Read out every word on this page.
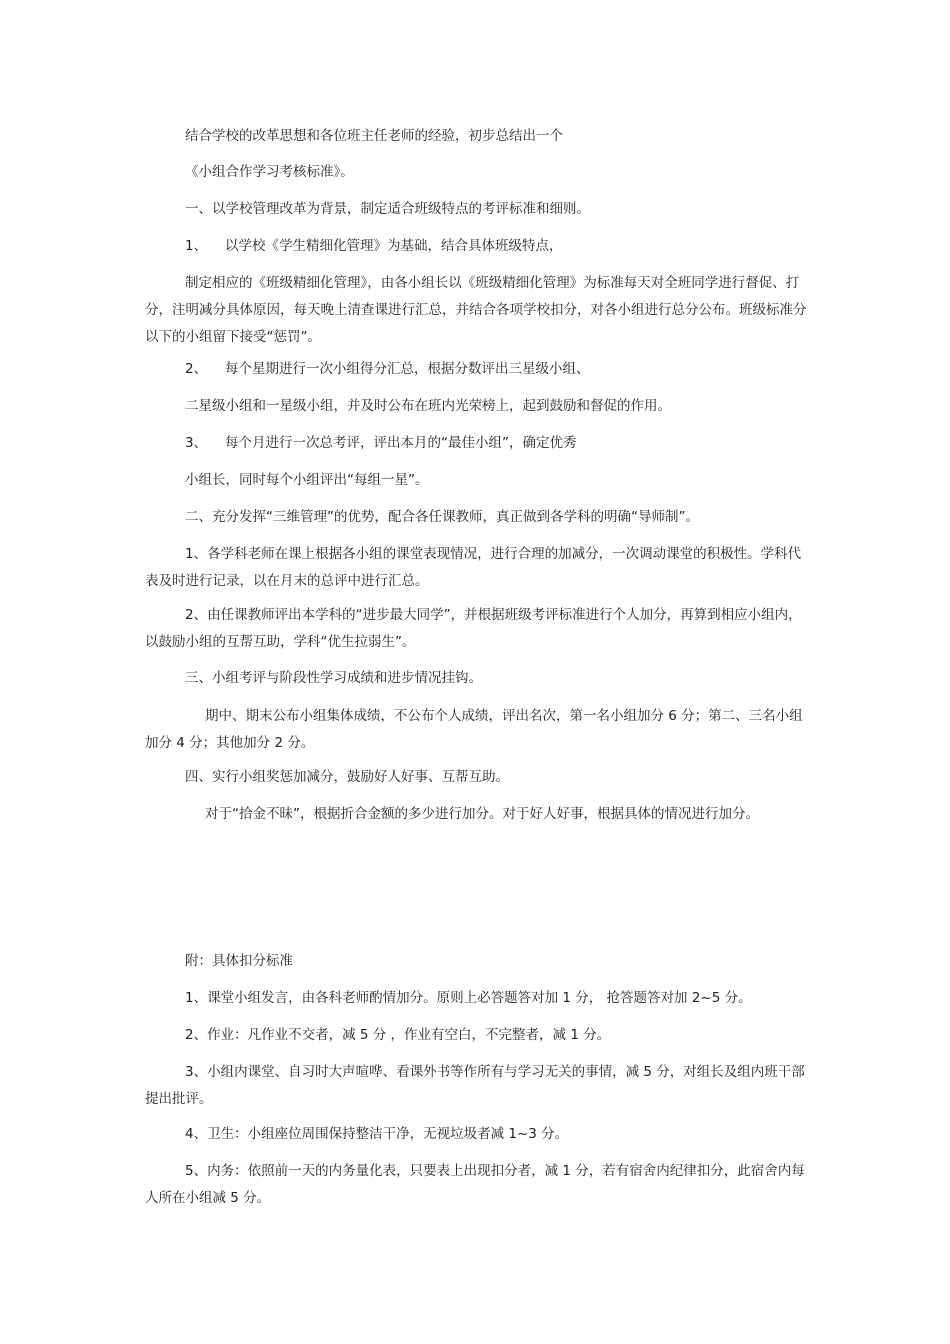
结合学校的改革思想和各位班主任老师的经验，初步总结出一个

《小组合作学习考核标准》。

一、以学校管理改革为背景，制定适合班级特点的考评标准和细则。

1、 以学校《学生精细化管理》为基础，结合具体班级特点，

制定相应的《班级精细化管理》，由各小组长以《班级精细化管理》为标准每天对全班同学进行督促、打分，注明减分具体原因，每天晚上清查课进行汇总，并结合各项学校扣分，对各小组进行总分公布。班级标准分以下的小组留下接受“惩罚”。

2、 每个星期进行一次小组得分汇总，根据分数评出三星级小组、

二星级小组和一星级小组，并及时公布在班内光荣榜上，起到鼓励和督促的作用。

3、 每个月进行一次总考评，评出本月的“最佳小组”，确定优秀

小组长，同时每个小组评出“每组一星”。

二、充分发挥“三维管理”的优势，配合各任课教师，真正做到各学科的明确“导师制”。

1、各学科老师在课上根据各小组的课堂表现情况，进行合理的加减分，一次调动课堂的积极性。学科代表及时进行记录，以在月末的总评中进行汇总。

2、由任课教师评出本学科的“进步最大同学”，并根据班级考评标准进行个人加分，再算到相应小组内，以鼓励小组的互帮互助，学科“优生拉弱生”。

三、小组考评与阶段性学习成绩和进步情况挂钩。

期中、期末公布小组集体成绩，不公布个人成绩，评出名次，第一名小组加分 6 分；第二、三名小组加分 4 分；其他加分 2 分。

四、实行小组奖惩加减分，鼓励好人好事、互帮互助。

对于“拾金不昧”，根据折合金额的多少进行加分。对于好人好事，根据具体的情况进行加分。

附：具体扣分标准

1、课堂小组发言，由各科老师酌情加分。原则上必答题答对加 1 分， 抢答题答对加 2~5 分。

2、作业：凡作业不交者，减 5 分 ，作业有空白，不完整者，减 1 分。

3、小组内课堂、自习时大声喧哗、看课外书等作所有与学习无关的事情，减 5 分，对组长及组内班干部提出批评。

4、卫生：小组座位周围保持整洁干净，无视垃圾者减 1~3 分。

5、内务：依照前一天的内务量化表，只要表上出现扣分者，减 1 分，若有宿舍内纪律扣分，此宿舍内每人所在小组减 5 分。
